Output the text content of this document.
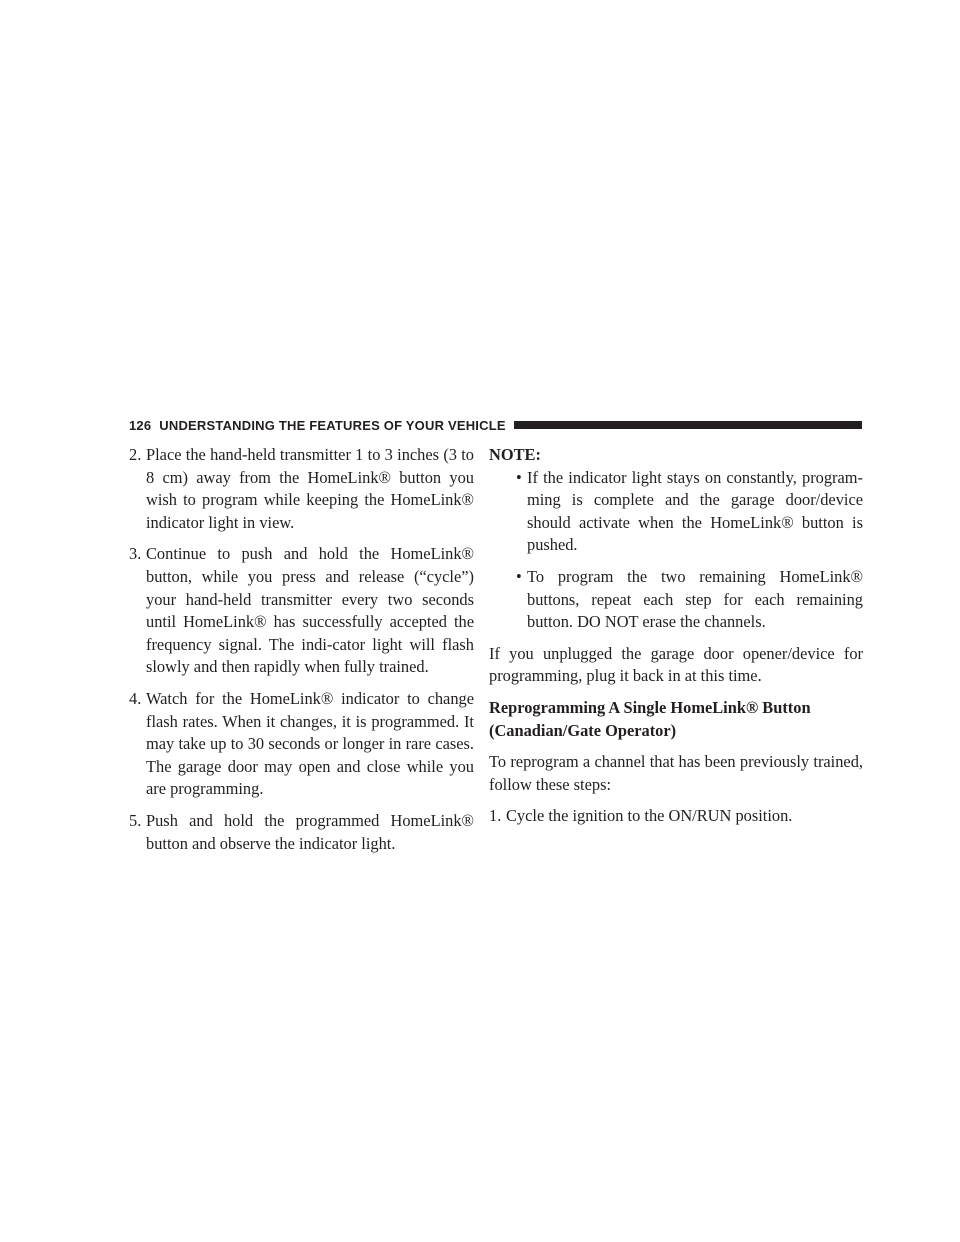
126 UNDERSTANDING THE FEATURES OF YOUR VEHICLE
2. Place the hand-held transmitter 1 to 3 inches (3 to 8 cm) away from the HomeLink® button you wish to program while keeping the HomeLink® indicator light in view.
3. Continue to push and hold the HomeLink® button, while you press and release (“cycle”) your hand-held transmitter every two seconds until HomeLink® has successfully accepted the frequency signal. The indi-cator light will flash slowly and then rapidly when fully trained.
4. Watch for the HomeLink® indicator to change flash rates. When it changes, it is programmed. It may take up to 30 seconds or longer in rare cases. The garage door may open and close while you are programming.
5. Push and hold the programmed HomeLink® button and observe the indicator light.
NOTE:
• If the indicator light stays on constantly, program-ming is complete and the garage door/device should activate when the HomeLink® button is pushed.
• To program the two remaining HomeLink® buttons, repeat each step for each remaining button. DO NOT erase the channels.
If you unplugged the garage door opener/device for programming, plug it back in at this time.
Reprogramming A Single HomeLink® Button
(Canadian/Gate Operator)
To reprogram a channel that has been previously trained, follow these steps:
1. Cycle the ignition to the ON/RUN position.
